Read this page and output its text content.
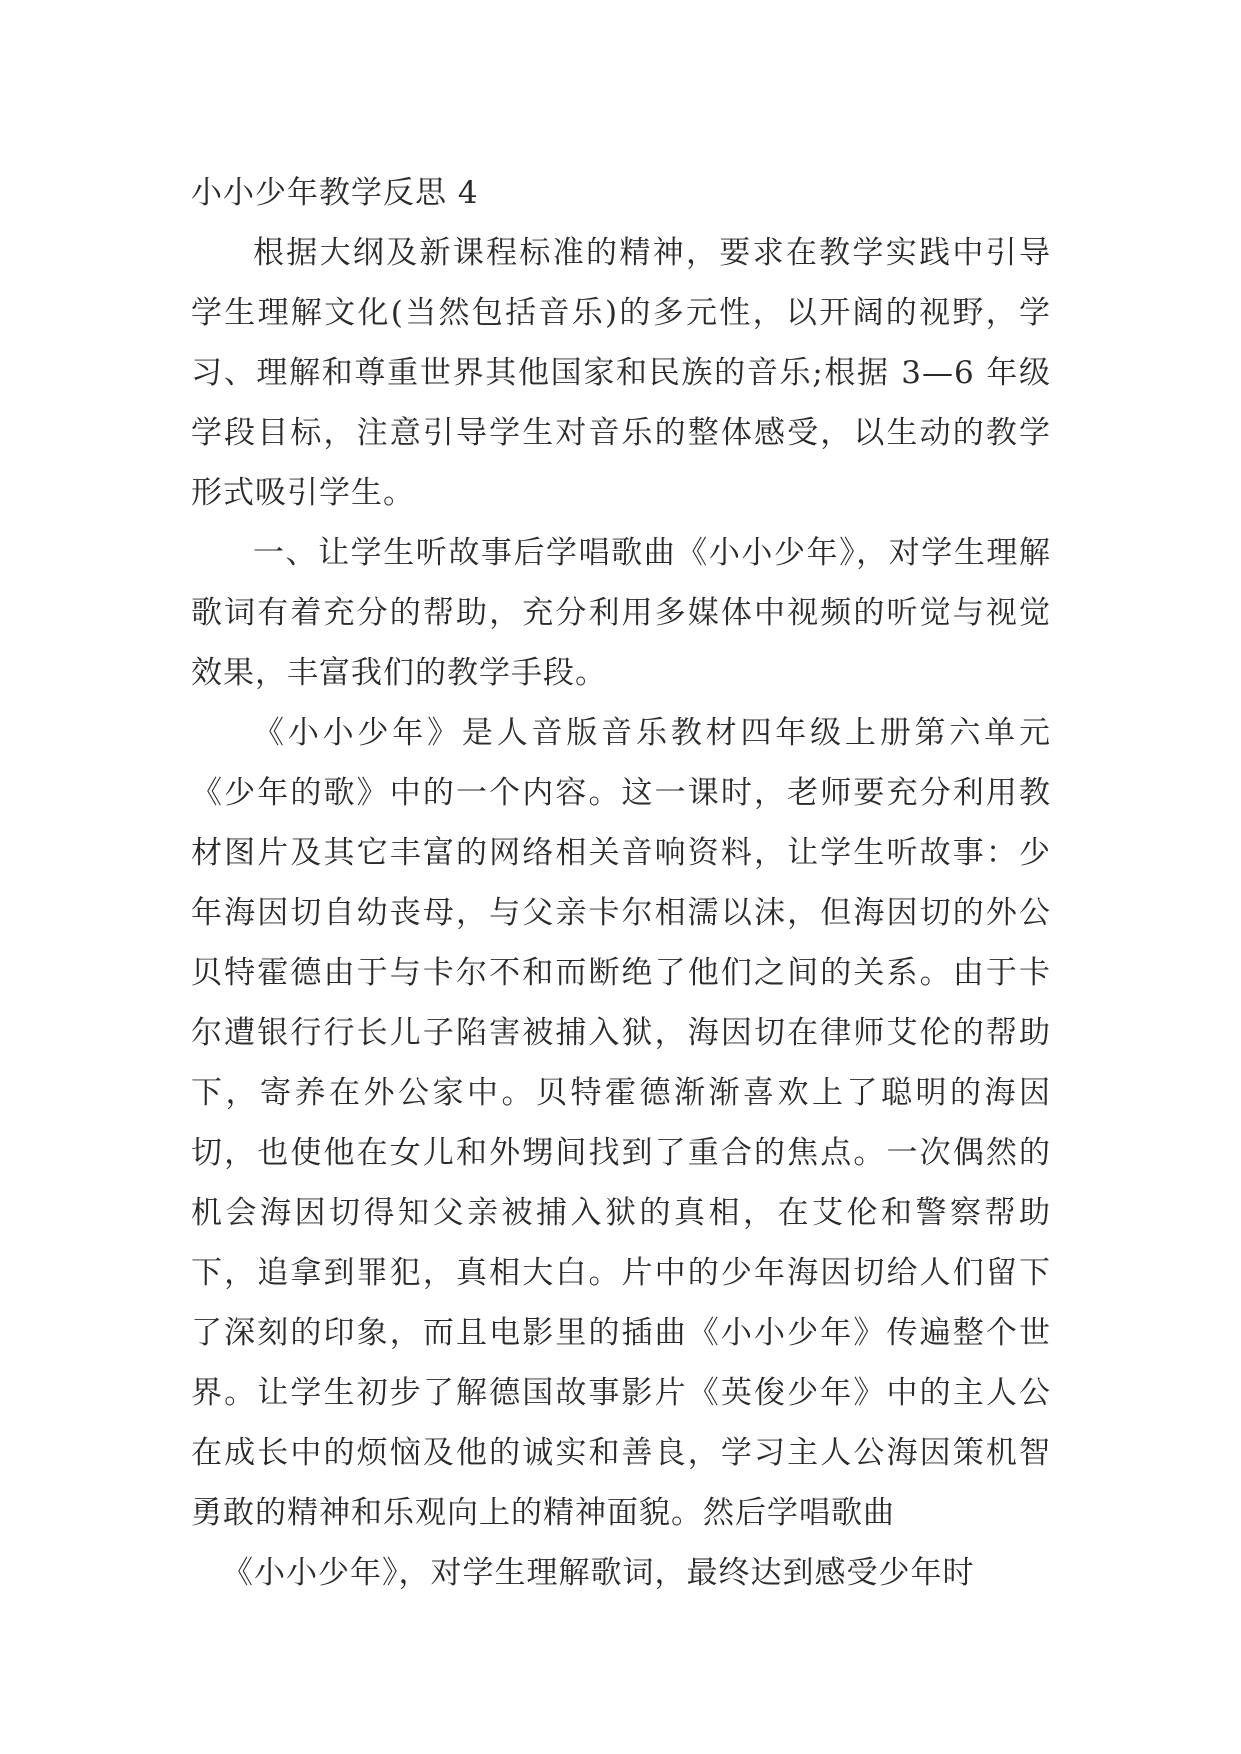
小小少年教学反思 4

根据大纲及新课程标准的精神，要求在教学实践中引导学生理解文化(当然包括音乐)的多元性，以开阔的视野，学习、理解和尊重世界其他国家和民族的音乐;根据 3—6 年级学段目标，注意引导学生对音乐的整体感受，以生动的教学形式吸引学生。

一、让学生听故事后学唱歌曲《小小少年》，对学生理解歌词有着充分的帮助，充分利用多媒体中视频的听觉与视觉效果，丰富我们的教学手段。

《小小少年》是人音版音乐教材四年级上册第六单元《少年的歌》中的一个内容。这一课时，老师要充分利用教材图片及其它丰富的网络相关音响资料，让学生听故事：少年海因切自幼丧母，与父亲卡尔相濡以沫，但海因切的外公贝特霍德由于与卡尔不和而断绝了他们之间的关系。由于卡尔遭银行行长儿子陷害被捕入狱，海因切在律师艾伦的帮助下，寄养在外公家中。贝特霍德渐渐喜欢上了聪明的海因切，也使他在女儿和外甥间找到了重合的焦点。一次偶然的机会海因切得知父亲被捕入狱的真相，在艾伦和警察帮助下，追拿到罪犯，真相大白。片中的少年海因切给人们留下了深刻的印象，而且电影里的插曲《小小少年》传遍整个世界。让学生初步了解德国故事影片《英俊少年》中的主人公在成长中的烦恼及他的诚实和善良，学习主人公海因策机智勇敢的精神和乐观向上的精神面貌。然后学唱歌曲

《小小少年》，对学生理解歌词，最终达到感受少年时
